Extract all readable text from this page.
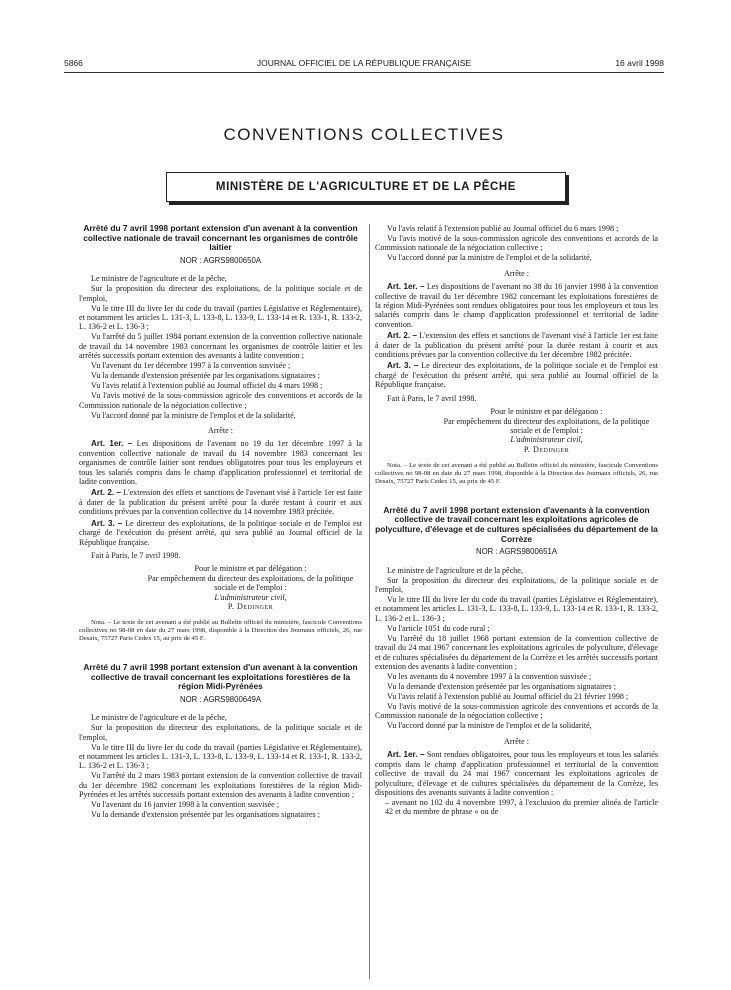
5866	JOURNAL OFFICIEL DE LA RÉPUBLIQUE FRANÇAISE	16 avril 1998
CONVENTIONS COLLECTIVES
MINISTÈRE DE L'AGRICULTURE ET DE LA PÊCHE
Arrêté du 7 avril 1998 portant extension d'un avenant à la convention collective nationale de travail concernant les organismes de contrôle laitier
NOR : AGRS9800650A

Le ministre de l'agriculture et de la pêche,

Sur la proposition du directeur des exploitations, de la politique sociale et de l'emploi,

Vu le titre III du livre Ier du code du travail (parties Législative et Réglementaire), et notamment les articles L. 131-3, L. 133-8, L. 133-9, L. 133-14 et R. 133-1, R. 133-2, L. 136-2 et L. 136-3 ;

Vu l'arrêté du 5 juillet 1984 portant extension de la convention collective nationale de travail du 14 novembre 1983 concernant les organismes de contrôle laitier et les arrêtés successifs portant extension des avenants à ladite convention ;

Vu l'avenant du 1er décembre 1997 à la convention susvisée ;

Vu la demande d'extension présentée par les organisations signataires ;

Vu l'avis relatif à l'extension publié au Journal officiel du 4 mars 1998 ;

Vu l'avis motivé de la sous-commission agricole des conventions et accords de la Commission nationale de la négociation collective ;

Vu l'accord donné par la ministre de l'emploi et de la solidarité,

Arrête :

Art. 1er. – Les dispositions de l'avenant no 19 du 1er décembre 1997 à la convention collective nationale de travail du 14 novembre 1983 concernant les organismes de contrôle laitier sont rendues obligatoires pour tous les employeurs et tous les salariés compris dans le champ d'application professionnel et territorial de ladite convention.

Art. 2. – L'extension des effets et sanctions de l'avenant visé à l'article 1er est faite à dater de la publication du présent arrêté pour la durée restant à courir et aux conditions prévues par la convention collective du 14 novembre 1983 précitée.

Art. 3. – Le directeur des exploitations, de la politique sociale et de l'emploi est chargé de l'exécution du présent arrêté, qui sera publié au Journal officiel de la République française.

Fait à Paris, le 7 avril 1998.

Pour le ministre et par délégation :
Par empêchement du directeur des exploitations, de la politique sociale et de l'emploi :
L'administrateur civil,
P. Dedinger
Nota. – Le texte de cet avenant a été publié au Bulletin officiel du ministère, fascicule Conventions collectives no 98-08 en date du 27 mars 1998, disponible à la Direction des Journaux officiels, 26, rue Desaix, 75727 Paris Cedex 15, au prix de 45 F.
Arrêté du 7 avril 1998 portant extension d'un avenant à la convention collective de travail concernant les exploitations forestières de la région Midi-Pyrénées
NOR : AGRS9800649A

Le ministre de l'agriculture et de la pêche,

Sur la proposition du directeur des exploitations, de la politique sociale et de l'emploi,

Vu le titre III du livre Ier du code du travail (parties Législative et Réglementaire), et notamment les articles L. 131-3, L. 133-8, L. 133-9, L. 133-14 et R. 133-1, R. 133-2, L. 136-2 et L. 136-3 ;

Vu l'arrêté du 2 mars 1983 portant extension de la convention collective de travail du 1er décembre 1982 concernant les exploitations forestières de la région Midi-Pyrénées et les arrêtés successifs portant extension des avenants à ladite convention ;

Vu l'avenant du 16 janvier 1998 à la convention susvisée ;

Vu la demande d'extension présentée par les organisations signataires ;

Vu l'avis relatif à l'extension publié au Journal officiel du 6 mars 1998 ;

Vu l'avis motivé de la sous-commission agricole des conventions et accords de la Commission nationale de la négociation collective ;

Vu l'accord donné par la ministre de l'emploi et de la solidarité,

Arrête :

Art. 1er. – Les dispositions de l'avenant no 38 du 16 janvier 1998 à la convention collective de travail du 1er décembre 1982 concernant les exploitations forestières de la région Midi-Pyrénées sont rendues obligatoires pour tous les employeurs et tous les salariés compris dans le champ d'application professionnel et territorial de ladite convention.

Art. 2. – L'extension des effets et sanctions de l'avenant visé à l'article 1er est faite à dater de la publication du présent arrêté pour la durée restant à courir et aux conditions prévues par la convention collective du 1er décembre 1982 précitée.

Art. 3. – Le directeur des exploitations, de la politique sociale et de l'emploi est chargé de l'exécution du présent arrêté, qui sera publié au Journal officiel de la République française.

Fait à Paris, le 7 avril 1998.

Pour le ministre et par délégation :
Par empêchement du directeur des exploitations, de la politique sociale et de l'emploi :
L'administrateur civil,
P. Dedinger
Nota. – Le texte de cet avenant a été publié au Bulletin officiel du ministère, fascicule Conventions collectives no 98-08 en date du 27 mars 1998, disponible à la Direction des Journaux officiels, 26, rue Desaix, 75727 Paris Cedex 15, au prix de 45 F.
Arrêté du 7 avril 1998 portant extension d'avenants à la convention collective de travail concernant les exploitations agricoles de polyculture, d'élevage et de cultures spécialisées du département de la Corrèze
NOR : AGRS9800651A

Le ministre de l'agriculture et de la pêche,

Sur la proposition du directeur des exploitations, de la politique sociale et de l'emploi,

Vu le titre III du livre Ier du code du travail (parties Législative et Réglementaire), et notamment les articles L. 131-3, L. 133-8, L. 133-9, L. 133-14 et R. 133-1, R. 133-2, L. 136-2 et L. 136-3 ;

Vu l'article 1051 du code rural ;

Vu l'arrêté du 18 juillet 1968 portant extension de la convention collective de travail du 24 mai 1967 concernant les exploitations agricoles de polyculture, d'élevage et de cultures spécialisées du département de la Corrèze et les arrêtés successifs portant extension des avenants à ladite convention ;

Vu les avenants du 4 novembre 1997 à la convention susvisée ;

Vu la demande d'extension présentée par les organisations signataires ;

Vu l'avis relatif à l'extension publié au Journal officiel du 21 février 1998 ;

Vu l'avis motivé de la sous-commission agricole des conventions et accords de la Commission nationale de la négociation collective ;

Vu l'accord donné par la ministre de l'emploi et de la solidarité,

Arrête :

Art. 1er. – Sont rendues obligatoires, pour tous les employeurs et tous les salariés compris dans le champ d'application professionnel et territorial de la convention collective de travail du 24 mai 1967 concernant les exploitations agricoles de polyculture, d'élevage et de cultures spécialisées du département de la Corrèze, les dispositions des avenants suivants à ladite convention :

– avenant no 102 du 4 novembre 1997, à l'exclusion du premier alinéa de l'article 42 et du membre de phrase « ou de
